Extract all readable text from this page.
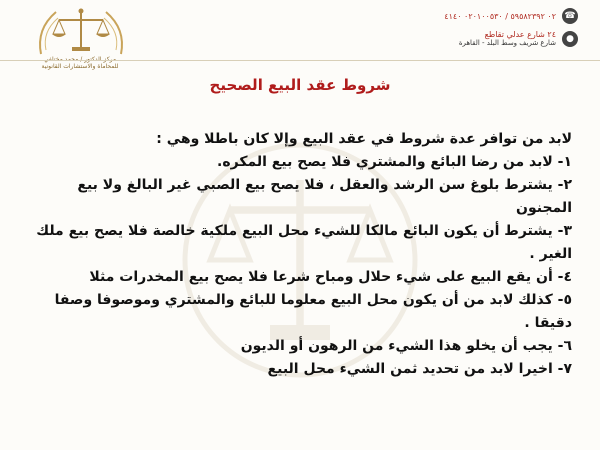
للمحاماة والاستشارات القانونية
☎
٠٢ ٥٩٥٨٢٣٩٢ / ٠٢٠١٠٠٥٣٠ ٤١٤٠
●
٢٤ شارع عدلي تقاطع
شارع شريف وسط البلد - القاهرة
شروط عقد البيع الصحيح

لابد من توافر عدة شروط في عقد البيع وإلا كان باطلا وهي :

١- لابد من رضا البائع والمشتري فلا يصح بيع المكره.

٢- يشترط بلوغ سن الرشد والعقل ، فلا يصح بيع الصبي غير البالغ ولا بيع المجنون

٣- يشترط أن يكون البائع مالكا للشيء محل البيع ملكية خالصة فلا يصح بيع ملك الغير .

٤- أن يقع البيع على شيء حلال ومباح شرعا فلا يصح بيع المخدرات مثلا

٥- كذلك لابد من أن يكون محل البيع معلوما للبائع والمشتري وموصوفا وصفا دقيقا .

٦- يجب أن يخلو هذا الشيء من الرهون أو الديون

٧- اخيرا لابد من تحديد ثمن الشيء محل البيع
